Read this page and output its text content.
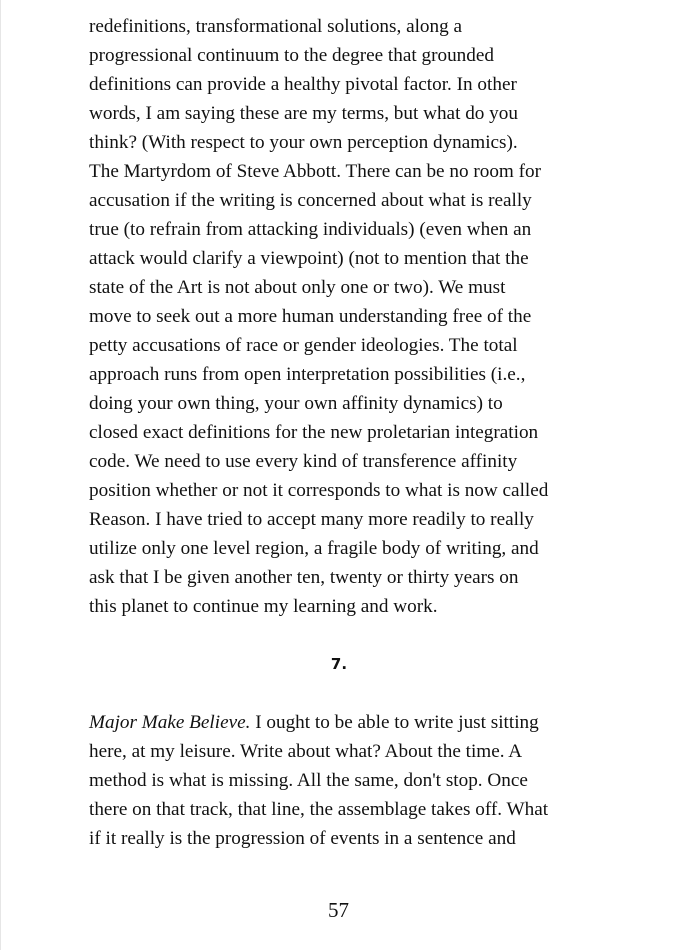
redefinitions, transformational solutions, along a
progressional continuum to the degree that grounded
definitions can provide a healthy pivotal factor. In other
words, I am saying these are my terms, but what do you
think? (With respect to your own perception dynamics).
The Martyrdom of Steve Abbott. There can be no room for
accusation if the writing is concerned about what is really
true (to refrain from attacking individuals) (even when an
attack would clarify a viewpoint) (not to mention that the
state of the Art is not about only one or two). We must
move to seek out a more human understanding free of the
petty accusations of race or gender ideologies. The total
approach runs from open interpretation possibilities (i.e.,
doing your own thing, your own affinity dynamics) to
closed exact definitions for the new proletarian integration
code. We need to use every kind of transference affinity
position whether or not it corresponds to what is now called
Reason. I have tried to accept many more readily to really
utilize only one level region, a fragile body of writing, and
ask that I be given another ten, twenty or thirty years on
this planet to continue my learning and work.
7.
Major Make Believe. I ought to be able to write just sitting
here, at my leisure. Write about what? About the time. A
method is what is missing. All the same, don't stop. Once
there on that track, that line, the assemblage takes off. What
if it really is the progression of events in a sentence and
57
